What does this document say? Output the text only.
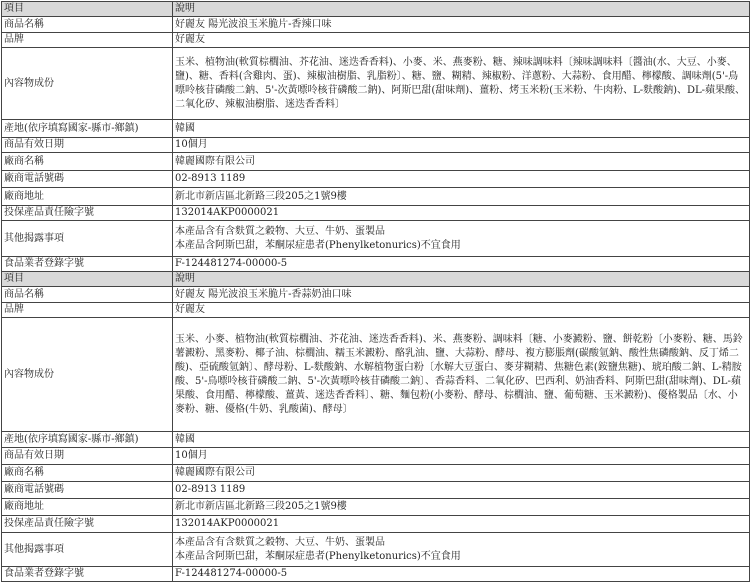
項目	說明
商品名稱	好麗友 陽光波浪玉米脆片-香辣口味
品牌	好麗友
內容物成份	玉米、植物油(軟質棕櫚油、芥花油、迷迭香香料)、小麥、米、燕麥粉、糖、辣味調味料〔辣味調味料〔醬油(水、大豆、小麥、鹽)、糖、香料(含雞肉、蛋)、辣椒油樹脂、乳脂粉〕、糖、鹽、糊精、辣椒粉、洋蔥粉、大蒜粉、食用醋、檸檬酸、調味劑(5'-鳥嘌呤核苷磷酸二鈉、5'-次黃嘌呤核苷磷酸二鈉)、阿斯巴甜(甜味劑)、薑粉、烤玉米粉(玉米粉、牛肉粉、L-麩酸鈉)、DL-蘋果酸、二氧化矽、辣椒油樹脂、迷迭香香料〕
產地(依序填寫國家-縣市-鄉鎮)	韓國
商品有效日期	10個月
廠商名稱	韓麗國際有限公司
廠商電話號碼	02-8913 1189
廠商地址	新北市新店區北新路三段205之1號9樓
投保產品責任險字號	132014AKP0000021
其他揭露事項	本產品含有含麩質之穀物、大豆、牛奶、蛋製品
本產品含阿斯巴甜，苯酮尿症患者(Phenylketonurics)不宜食用

食品業者登錄字號	F-124481274-00000-5
項目	說明
商品名稱	好麗友 陽光波浪玉米脆片-香蒜奶油口味
品牌	好麗友
內容物成份	玉米、小麥、植物油(軟質棕櫚油、芥花油、迷迭香香料)、米、燕麥粉、調味料〔糖、小麥澱粉、鹽、餅乾粉〔小麥粉、糖、馬鈴薯澱粉、黑麥粉、椰子油、棕櫚油、糯玉米澱粉、酪乳油、鹽、大蒜粉、酵母、複方膨脹劑(碳酸氫鈉、酸性焦磷酸鈉、反丁烯二酸)、亞硫酸氫鈉〕、酵母粉、L-麩酸鈉、水解植物蛋白粉〔水解大豆蛋白、麥芽糊精、焦糖色素(銨鹽焦糖)、琥珀酸二鈉、L-精胺酸、5'-鳥嘌呤核苷磷酸二鈉、5'-次黃嘌呤核苷磷酸二鈉〕、香蒜香料、二氧化矽、巴西利、奶油香料、阿斯巴甜(甜味劑)、DL-蘋果酸、食用醋、檸檬酸、薑黃、迷迭香香料〕、糖、麵包粉(小麥粉、酵母、棕櫚油、鹽、葡萄糖、玉米澱粉)、優格製品〔水、小麥粉、糖、優格(牛奶、乳酸菌)、酵母〕
產地(依序填寫國家-縣市-鄉鎮)	韓國
商品有效日期	10個月
廠商名稱	韓麗國際有限公司
廠商電話號碼	02-8913 1189
廠商地址	新北市新店區北新路三段205之1號9樓
投保產品責任險字號	132014AKP0000021
其他揭露事項	本產品含有含麩質之穀物、大豆、牛奶、蛋製品
本產品含阿斯巴甜，苯酮尿症患者(Phenylketonurics)不宜食用

食品業者登錄字號	F-124481274-00000-5
